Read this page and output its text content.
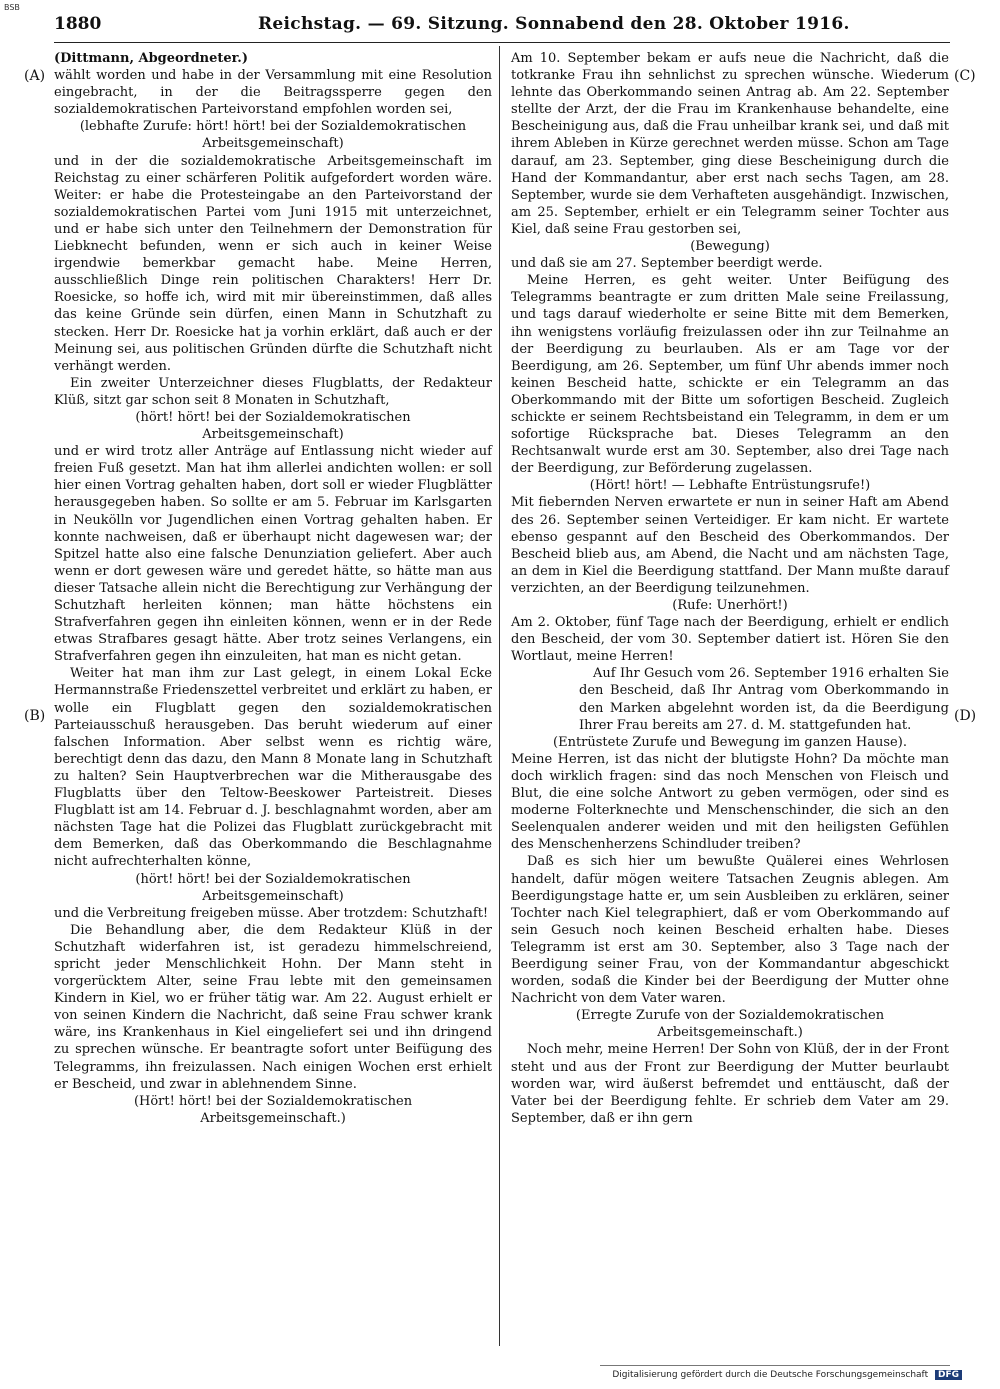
BSB
1880	Reichstag. — 69. Sitzung. Sonnabend den 28. Oktober 1916.
(A)
(B)
(C)
(D)

(Dittmann, Abgeordneter.)

wählt worden und habe in der Versammlung mit eine Resolution eingebracht, in der die Beitragssperre gegen den sozialdemokratischen Parteivorstand empfohlen worden sei,

(lebhafte Zurufe: hört! hört! bei der Sozialdemokratischen Arbeitsgemeinschaft)

und in der die sozialdemokratische Arbeitsgemeinschaft im Reichstag zu einer schärferen Politik aufgefordert worden wäre. Weiter: er habe die Protesteingabe an den Parteivorstand der sozialdemokratischen Partei vom Juni 1915 mit unterzeichnet, und er habe sich unter den Teilnehmern der Demonstration für Liebknecht befunden, wenn er sich auch in keiner Weise irgendwie bemerkbar gemacht habe. Meine Herren, ausschließlich Dinge rein politischen Charakters! Herr Dr. Roesicke, so hoffe ich, wird mit mir übereinstimmen, daß alles das keine Gründe sein dürfen, einen Mann in Schutzhaft zu stecken. Herr Dr. Roesicke hat ja vorhin erklärt, daß auch er der Meinung sei, aus politischen Gründen dürfte die Schutzhaft nicht verhängt werden.

Ein zweiter Unterzeichner dieses Flugblatts, der Redakteur Klüß, sitzt gar schon seit 8 Monaten in Schutzhaft,

(hört! hört! bei der Sozialdemokratischen Arbeitsgemeinschaft)

und er wird trotz aller Anträge auf Entlassung nicht wieder auf freien Fuß gesetzt. Man hat ihm allerlei andichten wollen: er soll hier einen Vortrag gehalten haben, dort soll er wieder Flugblätter herausgegeben haben. So sollte er am 5. Februar im Karlsgarten in Neukölln vor Jugendlichen einen Vortrag gehalten haben. Er konnte nachweisen, daß er überhaupt nicht dagewesen war; der Spitzel hatte also eine falsche Denunziation geliefert. Aber auch wenn er dort gewesen wäre und geredet hätte, so hätte man aus dieser Tatsache allein nicht die Berechtigung zur Verhängung der Schutzhaft herleiten können; man hätte höchstens ein Strafverfahren gegen ihn einleiten können, wenn er in der Rede etwas Strafbares gesagt hätte. Aber trotz seines Verlangens, ein Strafverfahren gegen ihn einzuleiten, hat man es nicht getan.

Weiter hat man ihm zur Last gelegt, in einem Lokal Ecke Hermannstraße Friedenszettel verbreitet und erklärt zu haben, er wolle ein Flugblatt gegen den sozialdemokratischen Parteiausschuß herausgeben. Das beruht wiederum auf einer falschen Information. Aber selbst wenn es richtig wäre, berechtigt denn das dazu, den Mann 8 Monate lang in Schutzhaft zu halten? Sein Hauptverbrechen war die Mitherausgabe des Flugblatts über den Teltow-Beeskower Parteistreit. Dieses Flugblatt ist am 14. Februar d. J. beschlagnahmt worden, aber am nächsten Tage hat die Polizei das Flugblatt zurückgebracht mit dem Bemerken, daß das Oberkommando die Beschlagnahme nicht aufrechterhalten könne,

(hört! hört! bei der Sozialdemokratischen Arbeitsgemeinschaft)

und die Verbreitung freigeben müsse. Aber trotzdem: Schutzhaft!

Die Behandlung aber, die dem Redakteur Klüß in der Schutzhaft widerfahren ist, ist geradezu himmelschreiend, spricht jeder Menschlichkeit Hohn. Der Mann steht in vorgerücktem Alter, seine Frau lebte mit den gemeinsamen Kindern in Kiel, wo er früher tätig war. Am 22. August erhielt er von seinen Kindern die Nachricht, daß seine Frau schwer krank wäre, ins Krankenhaus in Kiel eingeliefert sei und ihn dringend zu sprechen wünsche. Er beantragte sofort unter Beifügung des Telegramms, ihn freizulassen. Nach einigen Wochen erst erhielt er Bescheid, und zwar in ablehnendem Sinne.

(Hört! hört! bei der Sozialdemokratischen Arbeitsgemeinschaft.)

Am 10. September bekam er aufs neue die Nachricht, daß die totkranke Frau ihn sehnlichst zu sprechen wünsche. Wiederum lehnte das Oberkommando seinen Antrag ab. Am 22. September stellte der Arzt, der die Frau im Krankenhause behandelte, eine Bescheinigung aus, daß die Frau unheilbar krank sei, und daß mit ihrem Ableben in Kürze gerechnet werden müsse. Schon am Tage darauf, am 23. September, ging diese Bescheinigung durch die Hand der Kommandantur, aber erst nach sechs Tagen, am 28. September, wurde sie dem Verhafteten ausgehändigt. Inzwischen, am 25. September, erhielt er ein Telegramm seiner Tochter aus Kiel, daß seine Frau gestorben sei,

(Bewegung)

und daß sie am 27. September beerdigt werde.

Meine Herren, es geht weiter. Unter Beifügung des Telegramms beantragte er zum dritten Male seine Freilassung, und tags darauf wiederholte er seine Bitte mit dem Bemerken, ihn wenigstens vorläufig freizulassen oder ihn zur Teilnahme an der Beerdigung zu beurlauben. Als er am Tage vor der Beerdigung, am 26. September, um fünf Uhr abends immer noch keinen Bescheid hatte, schickte er ein Telegramm an das Oberkommando mit der Bitte um sofortigen Bescheid. Zugleich schickte er seinem Rechtsbeistand ein Telegramm, in dem er um sofortige Rücksprache bat. Dieses Telegramm an den Rechtsanwalt wurde erst am 30. September, also drei Tage nach der Beerdigung, zur Beförderung zugelassen.

(Hört! hört! — Lebhafte Entrüstungsrufe!)

Mit fiebernden Nerven erwartete er nun in seiner Haft am Abend des 26. September seinen Verteidiger. Er kam nicht. Er wartete ebenso gespannt auf den Bescheid des Oberkommandos. Der Bescheid blieb aus, am Abend, die Nacht und am nächsten Tage, an dem in Kiel die Beerdigung stattfand. Der Mann mußte darauf verzichten, an der Beerdigung teilzunehmen.

(Rufe: Unerhört!)

Am 2. Oktober, fünf Tage nach der Beerdigung, erhielt er endlich den Bescheid, der vom 30. September datiert ist. Hören Sie den Wortlaut, meine Herren!

Auf Ihr Gesuch vom 26. September 1916 erhalten Sie den Bescheid, daß Ihr Antrag vom Oberkommando in den Marken abgelehnt worden ist, da die Beerdigung Ihrer Frau bereits am 27. d. M. stattgefunden hat.

(Entrüstete Zurufe und Bewegung im ganzen Hause).

Meine Herren, ist das nicht der blutigste Hohn? Da möchte man doch wirklich fragen: sind das noch Menschen von Fleisch und Blut, die eine solche Antwort zu geben vermögen, oder sind es moderne Folterknechte und Menschenschinder, die sich an den Seelenqualen anderer weiden und mit den heiligsten Gefühlen des Menschenherzens Schindluder treiben?

Daß es sich hier um bewußte Quälerei eines Wehrlosen handelt, dafür mögen weitere Tatsachen Zeugnis ablegen. Am Beerdigungstage hatte er, um sein Ausbleiben zu erklären, seiner Tochter nach Kiel telegraphiert, daß er vom Oberkommando auf sein Gesuch noch keinen Bescheid erhalten habe. Dieses Telegramm ist erst am 30. September, also 3 Tage nach der Beerdigung seiner Frau, von der Kommandantur abgeschickt worden, sodaß die Kinder bei der Beerdigung der Mutter ohne Nachricht von dem Vater waren.

(Erregte Zurufe von der Sozialdemokratischen Arbeitsgemeinschaft.)

Noch mehr, meine Herren! Der Sohn von Klüß, der in der Front steht und aus der Front zur Beerdigung der Mutter beurlaubt worden war, wird äußerst befremdet und enttäuscht, daß der Vater bei der Beerdigung fehlte. Er schrieb dem Vater am 29. September, daß er ihn gern

Digitalisierung gefördert durch die Deutsche Forschungsgemeinschaft DFG
